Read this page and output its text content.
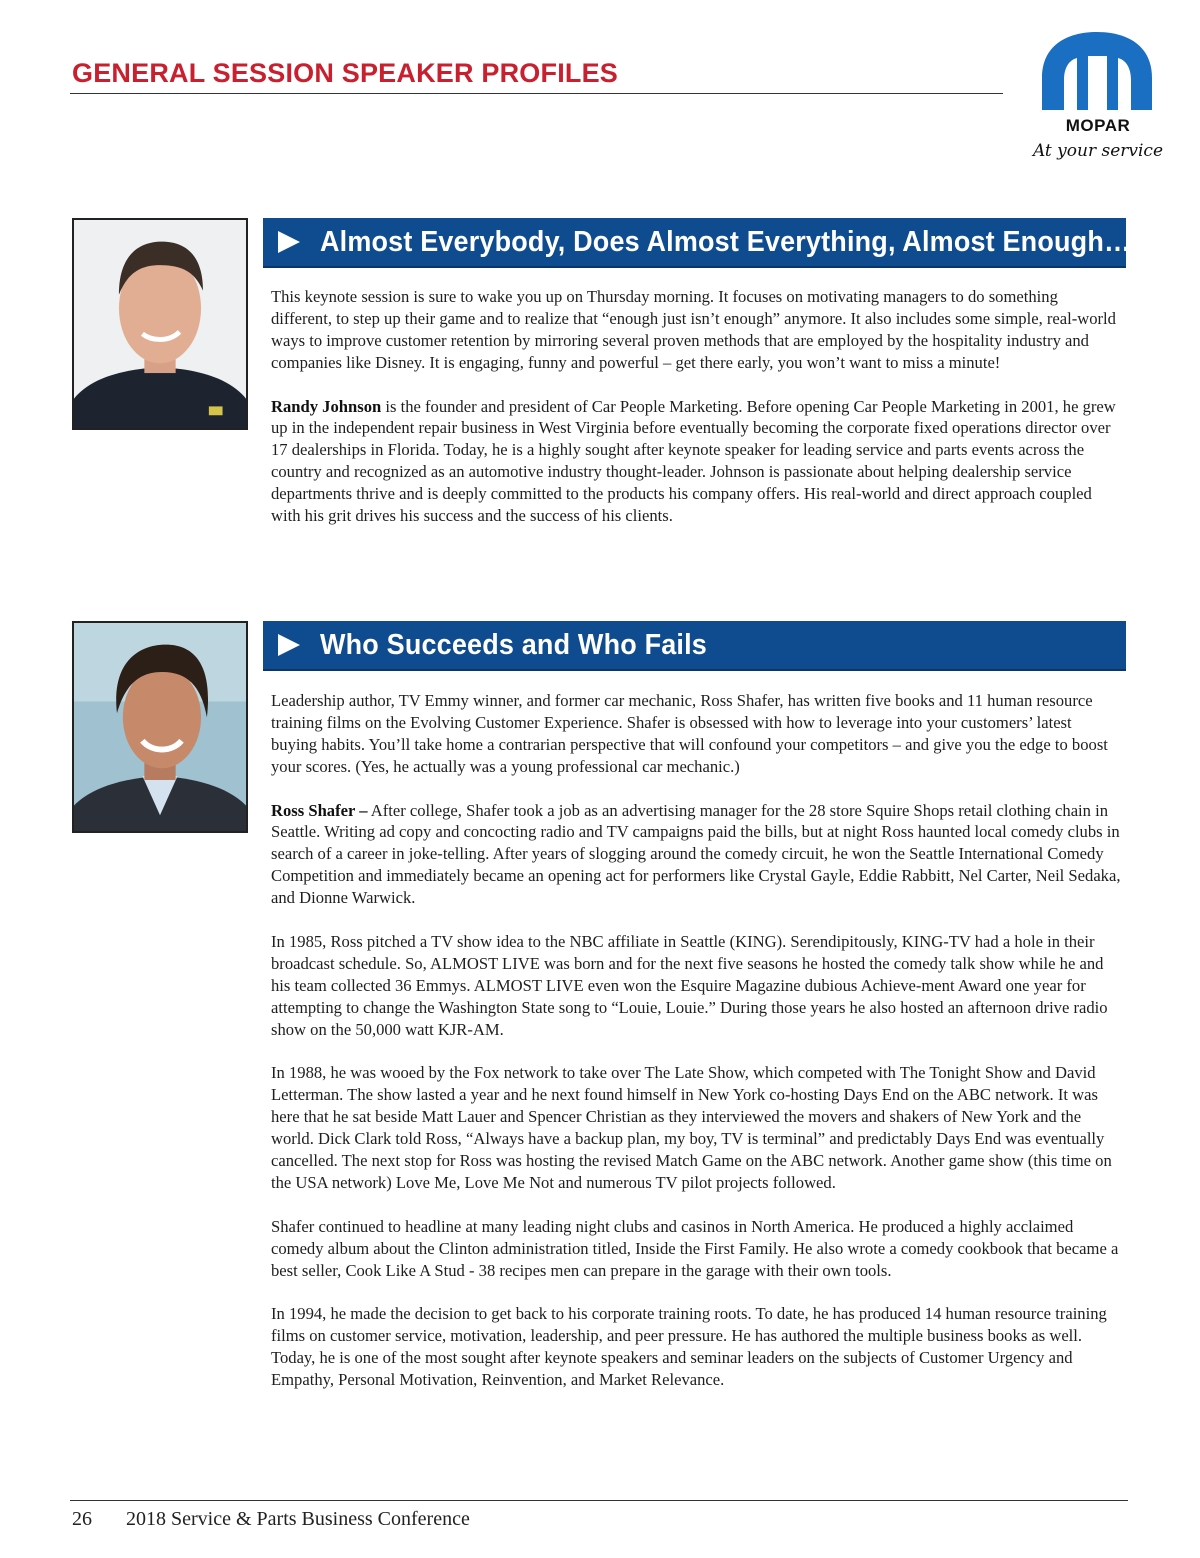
GENERAL SESSION SPEAKER PROFILES
MOPAR
At your service
Almost Everybody, Does Almost Everything, Almost Enough…

This keynote session is sure to wake you up on Thursday morning. It focuses on motivating managers to do something different, to step up their game and to realize that “enough just isn’t enough” anymore. It also includes some simple, real-world ways to improve customer retention by mirroring several proven methods that are employed by the hospitality industry and companies like Disney. It is engaging, funny and powerful – get there early, you won’t want to miss a minute!

Randy Johnson is the founder and president of Car People Marketing. Before opening Car People Marketing in 2001, he grew up in the independent repair business in West Virginia before eventually becoming the corporate fixed operations director over 17 dealerships in Florida. Today, he is a highly sought after keynote speaker for leading service and parts events across the country and recognized as an automotive industry thought-leader. Johnson is passionate about helping dealership service departments thrive and is deeply committed to the products his company offers. His real-world and direct approach coupled with his grit drives his success and the success of his clients.

Who Succeeds and Who Fails

Leadership author, TV Emmy winner, and former car mechanic, Ross Shafer, has written five books and 11 human resource training films on the Evolving Customer Experience. Shafer is obsessed with how to leverage into your customers’ latest buying habits. You’ll take home a contrarian perspective that will confound your competitors – and give you the edge to boost your scores. (Yes, he actually was a young professional car mechanic.)

Ross Shafer – After college, Shafer took a job as an advertising manager for the 28 store Squire Shops retail clothing chain in Seattle. Writing ad copy and concocting radio and TV campaigns paid the bills, but at night Ross haunted local comedy clubs in search of a career in joke-telling. After years of slogging around the comedy circuit, he won the Seattle International Comedy Competition and immediately became an opening act for performers like Crystal Gayle, Eddie Rabbitt, Nel Carter, Neil Sedaka, and Dionne Warwick.

In 1985, Ross pitched a TV show idea to the NBC affiliate in Seattle (KING). Serendipitously, KING-TV had a hole in their broadcast schedule. So, ALMOST LIVE was born and for the next five seasons he hosted the comedy talk show while he and his team collected 36 Emmys. ALMOST LIVE even won the Esquire Magazine dubious Achieve-ment Award one year for attempting to change the Washington State song to “Louie, Louie.” During those years he also hosted an afternoon drive radio show on the 50,000 watt KJR-AM.

In 1988, he was wooed by the Fox network to take over The Late Show, which competed with The Tonight Show and David Letterman. The show lasted a year and he next found himself in New York co-hosting Days End on the ABC network. It was here that he sat beside Matt Lauer and Spencer Christian as they interviewed the movers and shakers of New York and the world. Dick Clark told Ross, “Always have a backup plan, my boy, TV is terminal” and predictably Days End was eventually cancelled. The next stop for Ross was hosting the revised Match Game on the ABC network. Another game show (this time on the USA network) Love Me, Love Me Not and numerous TV pilot projects followed.

Shafer continued to headline at many leading night clubs and casinos in North America. He produced a highly acclaimed comedy album about the Clinton administration titled, Inside the First Family. He also wrote a comedy cookbook that became a best seller, Cook Like A Stud - 38 recipes men can prepare in the garage with their own tools.

In 1994, he made the decision to get back to his corporate training roots. To date, he has produced 14 human resource training films on customer service, motivation, leadership, and peer pressure. He has authored the multiple business books as well. Today, he is one of the most sought after keynote speakers and seminar leaders on the subjects of Customer Urgency and Empathy, Personal Motivation, Reinvention, and Market Relevance.

26 2018 Service & Parts Business Conference
